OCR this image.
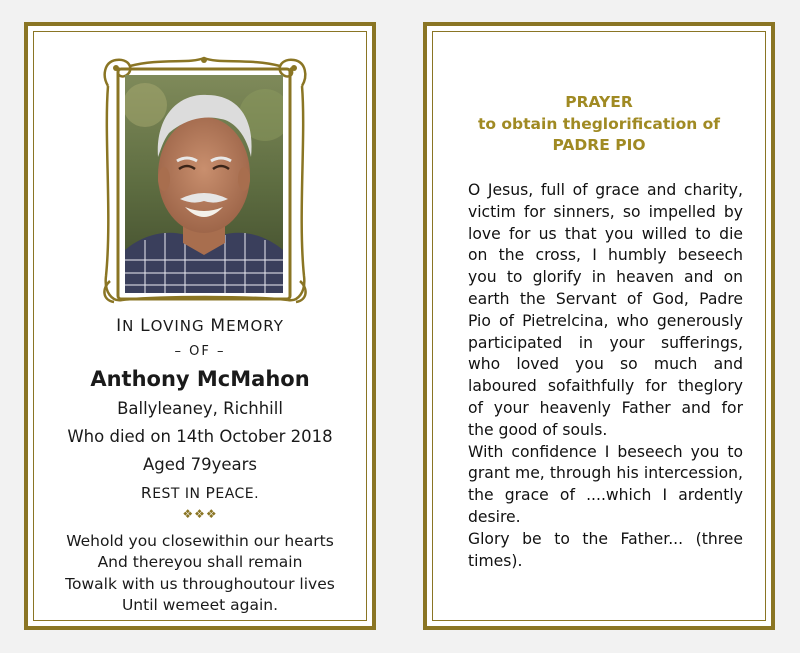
IN LOVING MEMORY
– OF –
Anthony McMahon
Ballyleaney, Richhill
Who died on 14th October 2018
Aged 79years
REST IN PEACE.
❖❖❖
Wehold you closewithin our hearts
And thereyou shall remain
Towalk with us throughoutour lives
Until wemeet again.
PRAYER
to obtain theglorification of
PADRE PIO

O Jesus, full of grace and charity, victim for sinners, so impelled by love for us that you willed to die on the cross, I humbly beseech you to glorify in heaven and on earth the Servant of God, Padre Pio of Pietrelcina, who generously participated in your sufferings, who loved you so much and laboured sofaithfully for theglory of your heavenly Father and for the good of souls.

With confidence I beseech you to grant me, through his intercession, the grace of ....which I ardently desire.

Glory be to the Father... (three times).
